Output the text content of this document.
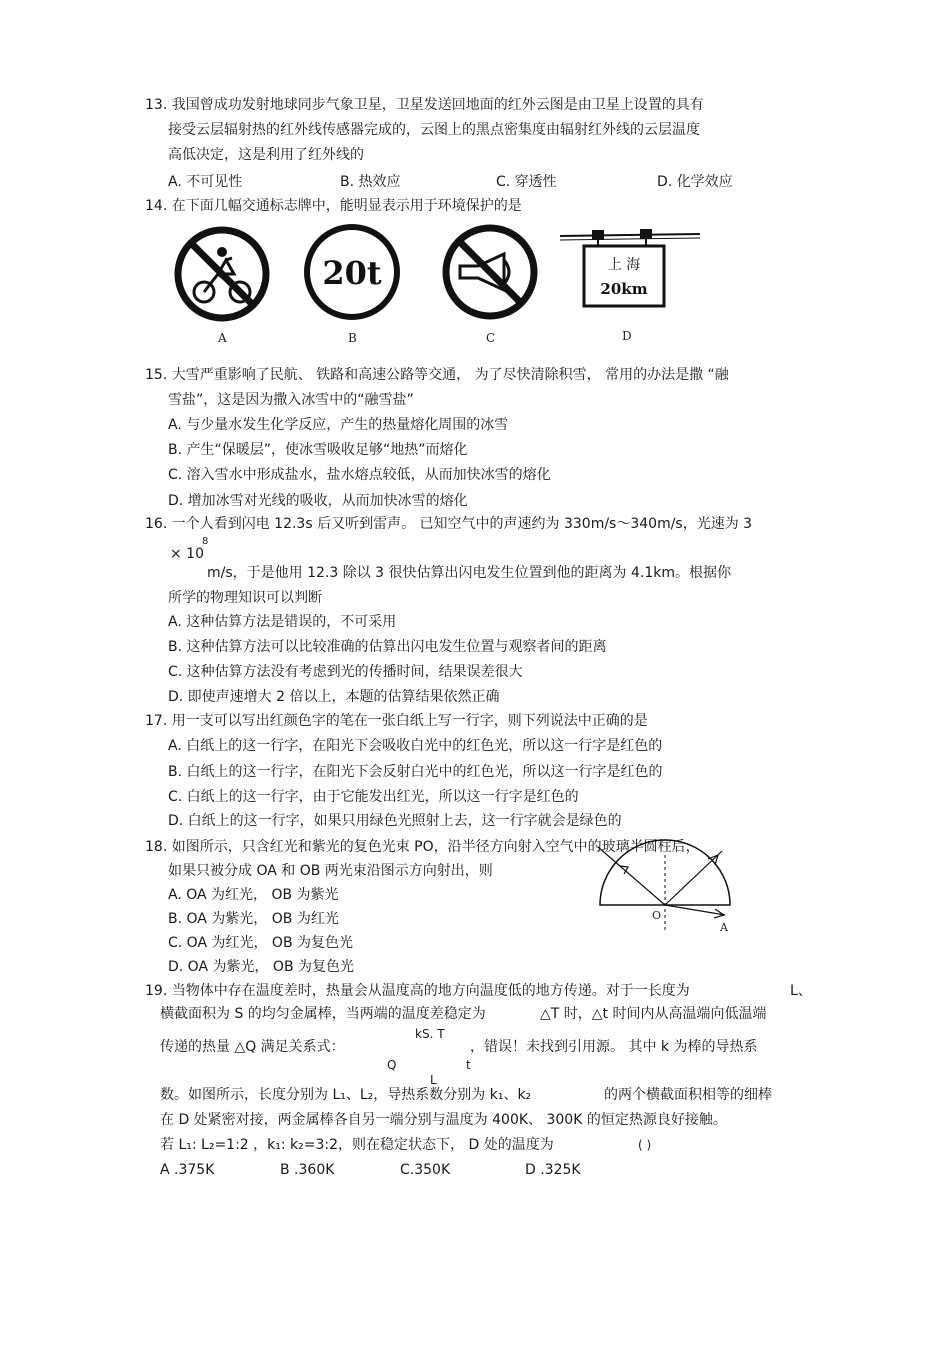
13. 我国曾成功发射地球同步气象卫星，卫星发送回地面的红外云图是由卫星上设置的具有
接受云层辐射热的红外线传感器完成的，云图上的黑点密集度由辐射红外线的云层温度
高低决定，这是利用了红外线的
A. 不可见性	B. 热效应	C. 穿透性	D. 化学效应
14. 在下面几幅交通标志牌中，能明显表示用于环境保护的是
A
20t
B	C
上 海
20km
D
15. 大雪严重影响了民航、 铁路和高速公路等交通， 为了尽快清除积雪， 常用的办法是撒 “融
雪盐”，这是因为撒入冰雪中的“融雪盐”
A. 与少量水发生化学反应，产生的热量熔化周围的冰雪
B. 产生“保暖层”，使冰雪吸收足够“地热”而熔化
C. 溶入雪水中形成盐水，盐水熔点较低，从而加快冰雪的熔化
D. 增加冰雪对光线的吸收，从而加快冰雪的熔化
16. 一个人看到闪电 12.3s 后又听到雷声。 已知空气中的声速约为 330m/s～340m/s，光速为 3
8
× 10
m/s，于是他用 12.3 除以 3 很快估算出闪电发生位置到他的距离为 4.1km。根据你
所学的物理知识可以判断
A. 这种估算方法是错误的，不可采用
B. 这种估算方法可以比较准确的估算出闪电发生位置与观察者间的距离
C. 这种估算方法没有考虑到光的传播时间，结果误差很大
D. 即使声速增大 2 倍以上，本题的估算结果依然正确
17. 用一支可以写出红颜色字的笔在一张白纸上写一行字，则下列说法中正确的是
A. 白纸上的这一行字，在阳光下会吸收白光中的红色光，所以这一行字是红色的
B. 白纸上的这一行字，在阳光下会反射白光中的红色光，所以这一行字是红色的
C. 白纸上的这一行字，由于它能发出红光，所以这一行字是红色的
D. 白纸上的这一行字，如果只用绿色光照射上去，这一行字就会是绿色的
18. 如图所示，只含红光和紫光的复色光束 PO，沿半径方向射入空气中的玻璃半圆柱后，
如果只被分成 OA 和 OB 两光束沿图示方向射出，则
A. OA 为红光， OB 为紫光
B. OA 为紫光， OB 为红光
C. OA 为红光， OB 为复色光
D. OA 为紫光， OB 为复色光
O
A
19. 当物体中存在温度差时，热量会从温度高的地方向温度低的地方传递。对于一长度为	L、
横截面积为 S 的均匀金属棒，当两端的温度差稳定为	△T 时，△t 时间内从高温端向低温端
kS. T
传递的热量 △Q 满足关系式：	，错误！未找到引用源。 其中 k 为棒的导热系
Q	t
L
数。如图所示，长度分别为 L₁、L₂，导热系数分别为 k₁、k₂	的两个横截面积相等的细棒
在 D 处紧密对接，两金属棒各自另一端分别与温度为 400K、 300K 的恒定热源良好接触。
若 L₁: L₂=1:2 ，k₁: k₂=3:2，则在稳定状态下， D 处的温度为	( )
A .375K	B .360K	C.350K	D .325K
